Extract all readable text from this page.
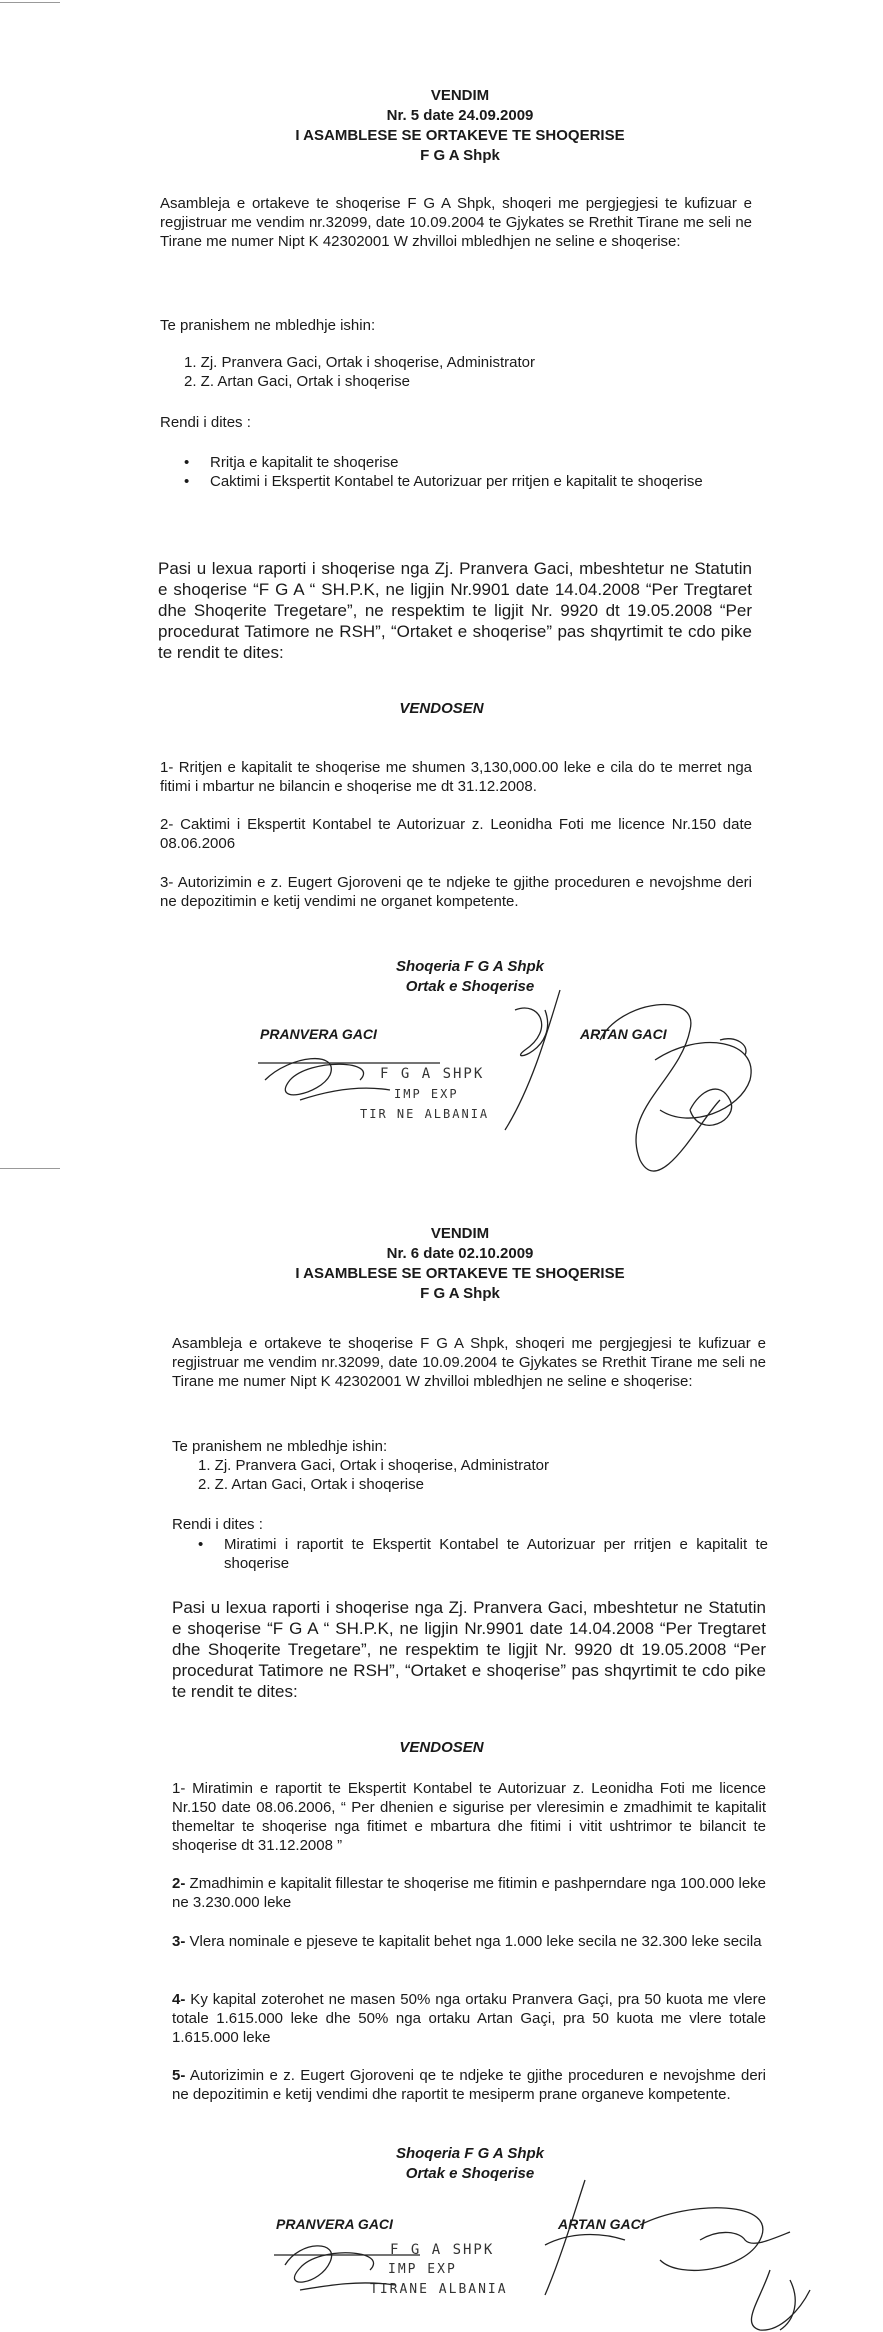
VENDIM
Nr. 5 date 24.09.2009
I ASAMBLESE SE ORTAKEVE TE SHOQERISE
F G A Shpk
Asambleja e ortakeve te shoqerise F G A Shpk, shoqeri me pergjegjesi te kufizuar e regjistruar me vendim nr.32099, date 10.09.2004 te Gjykates se Rrethit Tirane me seli ne Tirane me numer Nipt K 42302001 W zhvilloi mbledhjen ne seline e shoqerise:
Te pranishem ne mbledhje ishin:
1. Zj. Pranvera Gaci, Ortak i shoqerise, Administrator
2. Z. Artan Gaci, Ortak i shoqerise
Rendi i dites :
•	Rritja e kapitalit te shoqerise
•	Caktimi i Ekspertit Kontabel te Autorizuar per rritjen e kapitalit te shoqerise
Pasi u lexua raporti i shoqerise nga Zj. Pranvera Gaci, mbeshtetur ne Statutin e shoqerise “F G A “ SH.P.K, ne ligjin Nr.9901 date 14.04.2008 “Per Tregtaret dhe Shoqerite Tregetare”, ne respektim te ligjit Nr. 9920 dt 19.05.2008 “Per procedurat Tatimore ne RSH”, “Ortaket e shoqerise” pas shqyrtimit te cdo pike te rendit te dites:
VENDOSEN
1- Rritjen e kapitalit te shoqerise me shumen 3,130,000.00 leke e cila do te merret nga fitimi i mbartur ne bilancin e shoqerise me dt 31.12.2008.
2- Caktimi i Ekspertit Kontabel te Autorizuar z. Leonidha Foti me licence Nr.150 date 08.06.2006
3- Autorizimin e z. Eugert Gjoroveni qe te ndjeke te gjithe proceduren e nevojshme deri ne depozitimin e ketij vendimi ne organet kompetente.
Shoqeria F G A Shpk
Ortak e Shoqerise
PRANVERA GACI	ARTAN GACI
F G A SHPK
IMP EXP
TIR NE ALBANIA
VENDIM
Nr. 6 date 02.10.2009
I ASAMBLESE SE ORTAKEVE TE SHOQERISE
F G A Shpk
Asambleja e ortakeve te shoqerise F G A Shpk, shoqeri me pergjegjesi te kufizuar e regjistruar me vendim nr.32099, date 10.09.2004 te Gjykates se Rrethit Tirane me seli ne Tirane me numer Nipt K 42302001 W zhvilloi mbledhjen ne seline e shoqerise:
Te pranishem ne mbledhje ishin:
1. Zj. Pranvera Gaci, Ortak i shoqerise, Administrator
2. Z. Artan Gaci, Ortak i shoqerise
Rendi i dites :
•	Miratimi i raportit te Ekspertit Kontabel te Autorizuar per rritjen e kapitalit te shoqerise
Pasi u lexua raporti i shoqerise nga Zj. Pranvera Gaci, mbeshtetur ne Statutin e shoqerise “F G A “ SH.P.K, ne ligjin Nr.9901 date 14.04.2008 “Per Tregtaret dhe Shoqerite Tregetare”, ne respektim te ligjit Nr. 9920 dt 19.05.2008 “Per procedurat Tatimore ne RSH”, “Ortaket e shoqerise” pas shqyrtimit te cdo pike te rendit te dites:
VENDOSEN
1- Miratimin e raportit te Ekspertit Kontabel te Autorizuar z. Leonidha Foti me licence Nr.150 date 08.06.2006, “ Per dhenien e sigurise per vleresimin e zmadhimit te kapitalit themeltar te shoqerise nga fitimet e mbartura dhe fitimi i vitit ushtrimor te bilancit te shoqerise dt 31.12.2008 ”
2- Zmadhimin e kapitalit fillestar te shoqerise me fitimin e pashperndare nga 100.000 leke ne 3.230.000 leke
3- Vlera nominale e pjeseve te kapitalit behet nga 1.000 leke secila ne 32.300 leke secila
4- Ky kapital zoterohet ne masen 50% nga ortaku Pranvera Gaçi, pra 50 kuota me vlere totale 1.615.000 leke dhe 50% nga ortaku Artan Gaçi, pra 50 kuota me vlere totale 1.615.000 leke
5- Autorizimin e z. Eugert Gjoroveni qe te ndjeke te gjithe proceduren e nevojshme deri ne depozitimin e ketij vendimi dhe raportit te mesiperm prane organeve kompetente.
Shoqeria F G A Shpk
Ortak e Shoqerise
PRANVERA GACI	ARTAN GACI
F G A SHPK
IMP EXP
TIRANE ALBANIA
